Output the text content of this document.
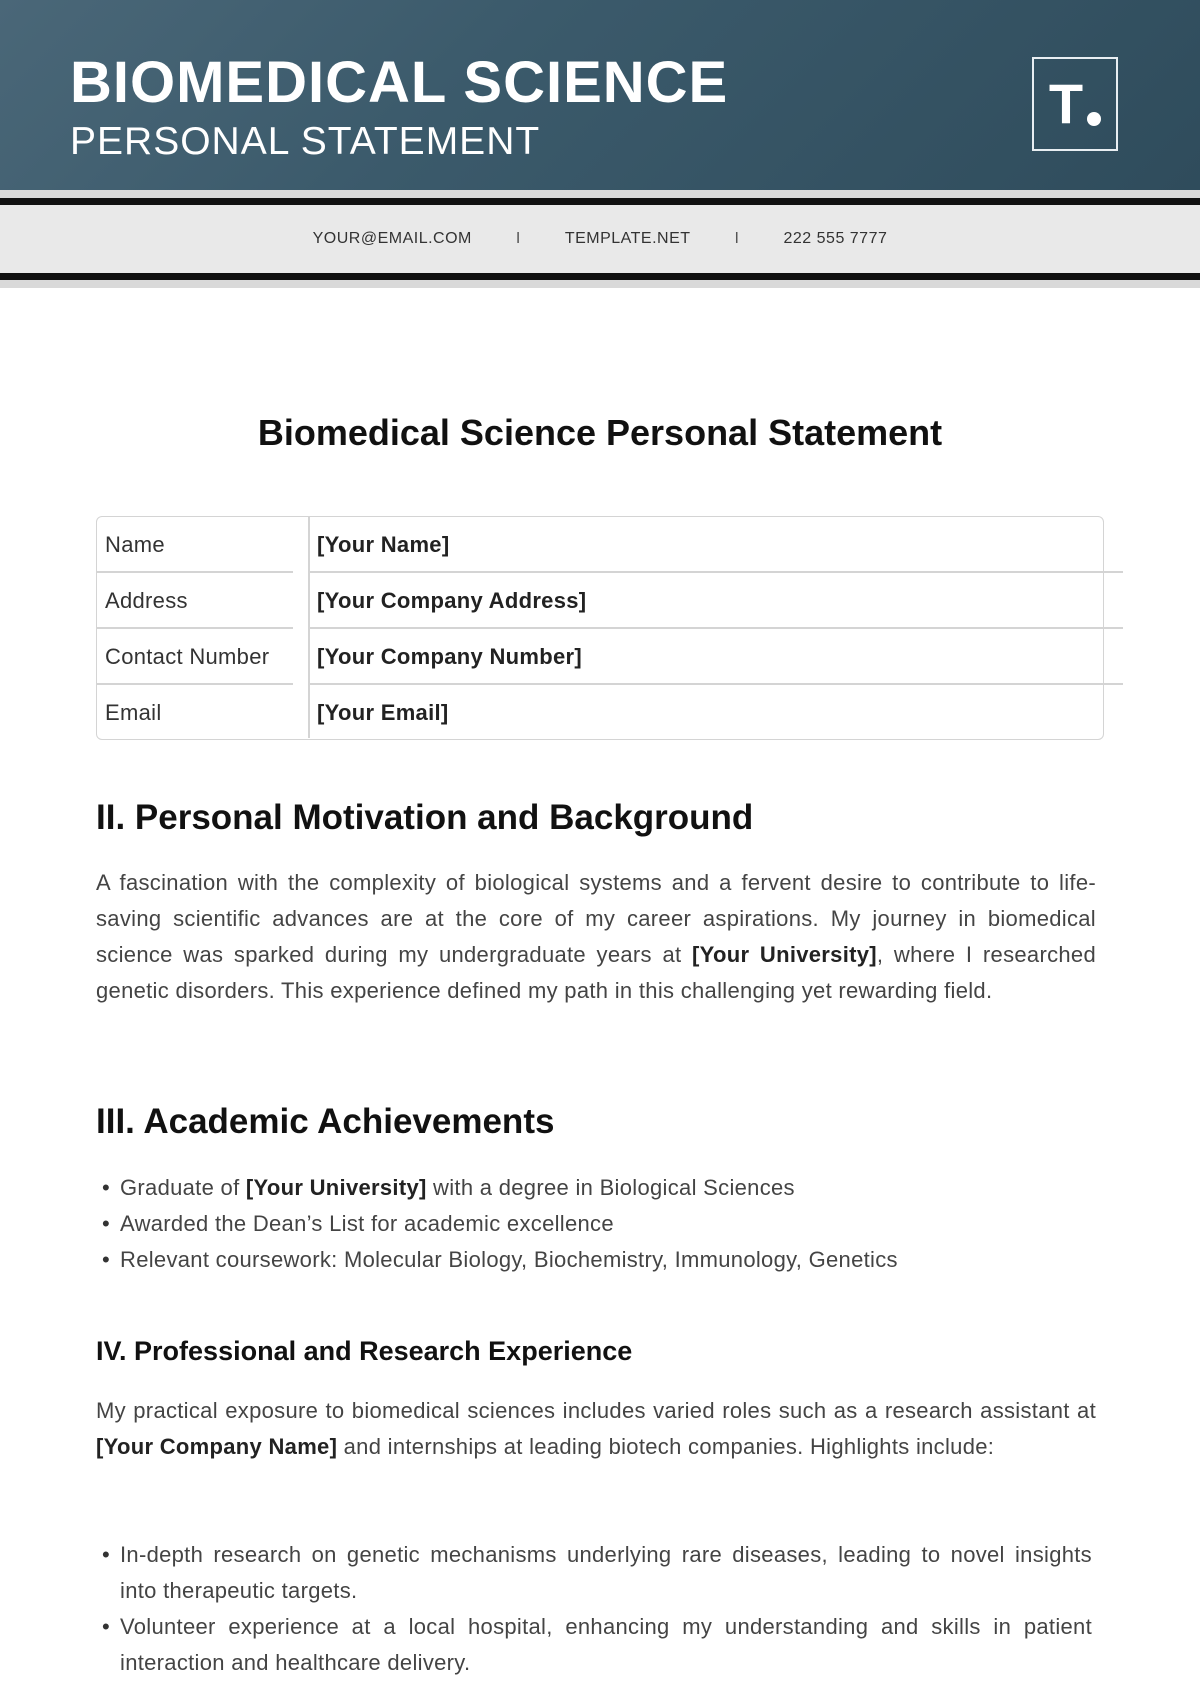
BIOMEDICAL SCIENCE
PERSONAL STATEMENT
T
YOUR@EMAIL.COM	I	TEMPLATE.NET	I	222 555 7777
Biomedical Science Personal Statement
Name	[Your Name]
Address	[Your Company Address]
Contact Number [Your Company Number]
Email	[Your Email]
II. Personal Motivation and Background

A fascination with the complexity of biological systems and a fervent desire to contribute to life-saving scientific advances are at the core of my career aspirations. My journey in biomedical science was sparked during my undergraduate years at [Your University], where I researched genetic disorders. This experience defined my path in this challenging yet rewarding field.

III. Academic Achievements
• Graduate of [Your University] with a degree in Biological Sciences
• Awarded the Dean’s List for academic excellence
• Relevant coursework: Molecular Biology, Biochemistry, Immunology, Genetics
IV. Professional and Research Experience

My practical exposure to biomedical sciences includes varied roles such as a research assistant at [Your Company Name] and internships at leading biotech companies. Highlights include:

• In-depth research on genetic mechanisms underlying rare diseases, leading to novel insights into therapeutic targets.
• Volunteer experience at a local hospital, enhancing my understanding and skills in patient interaction and healthcare delivery.
